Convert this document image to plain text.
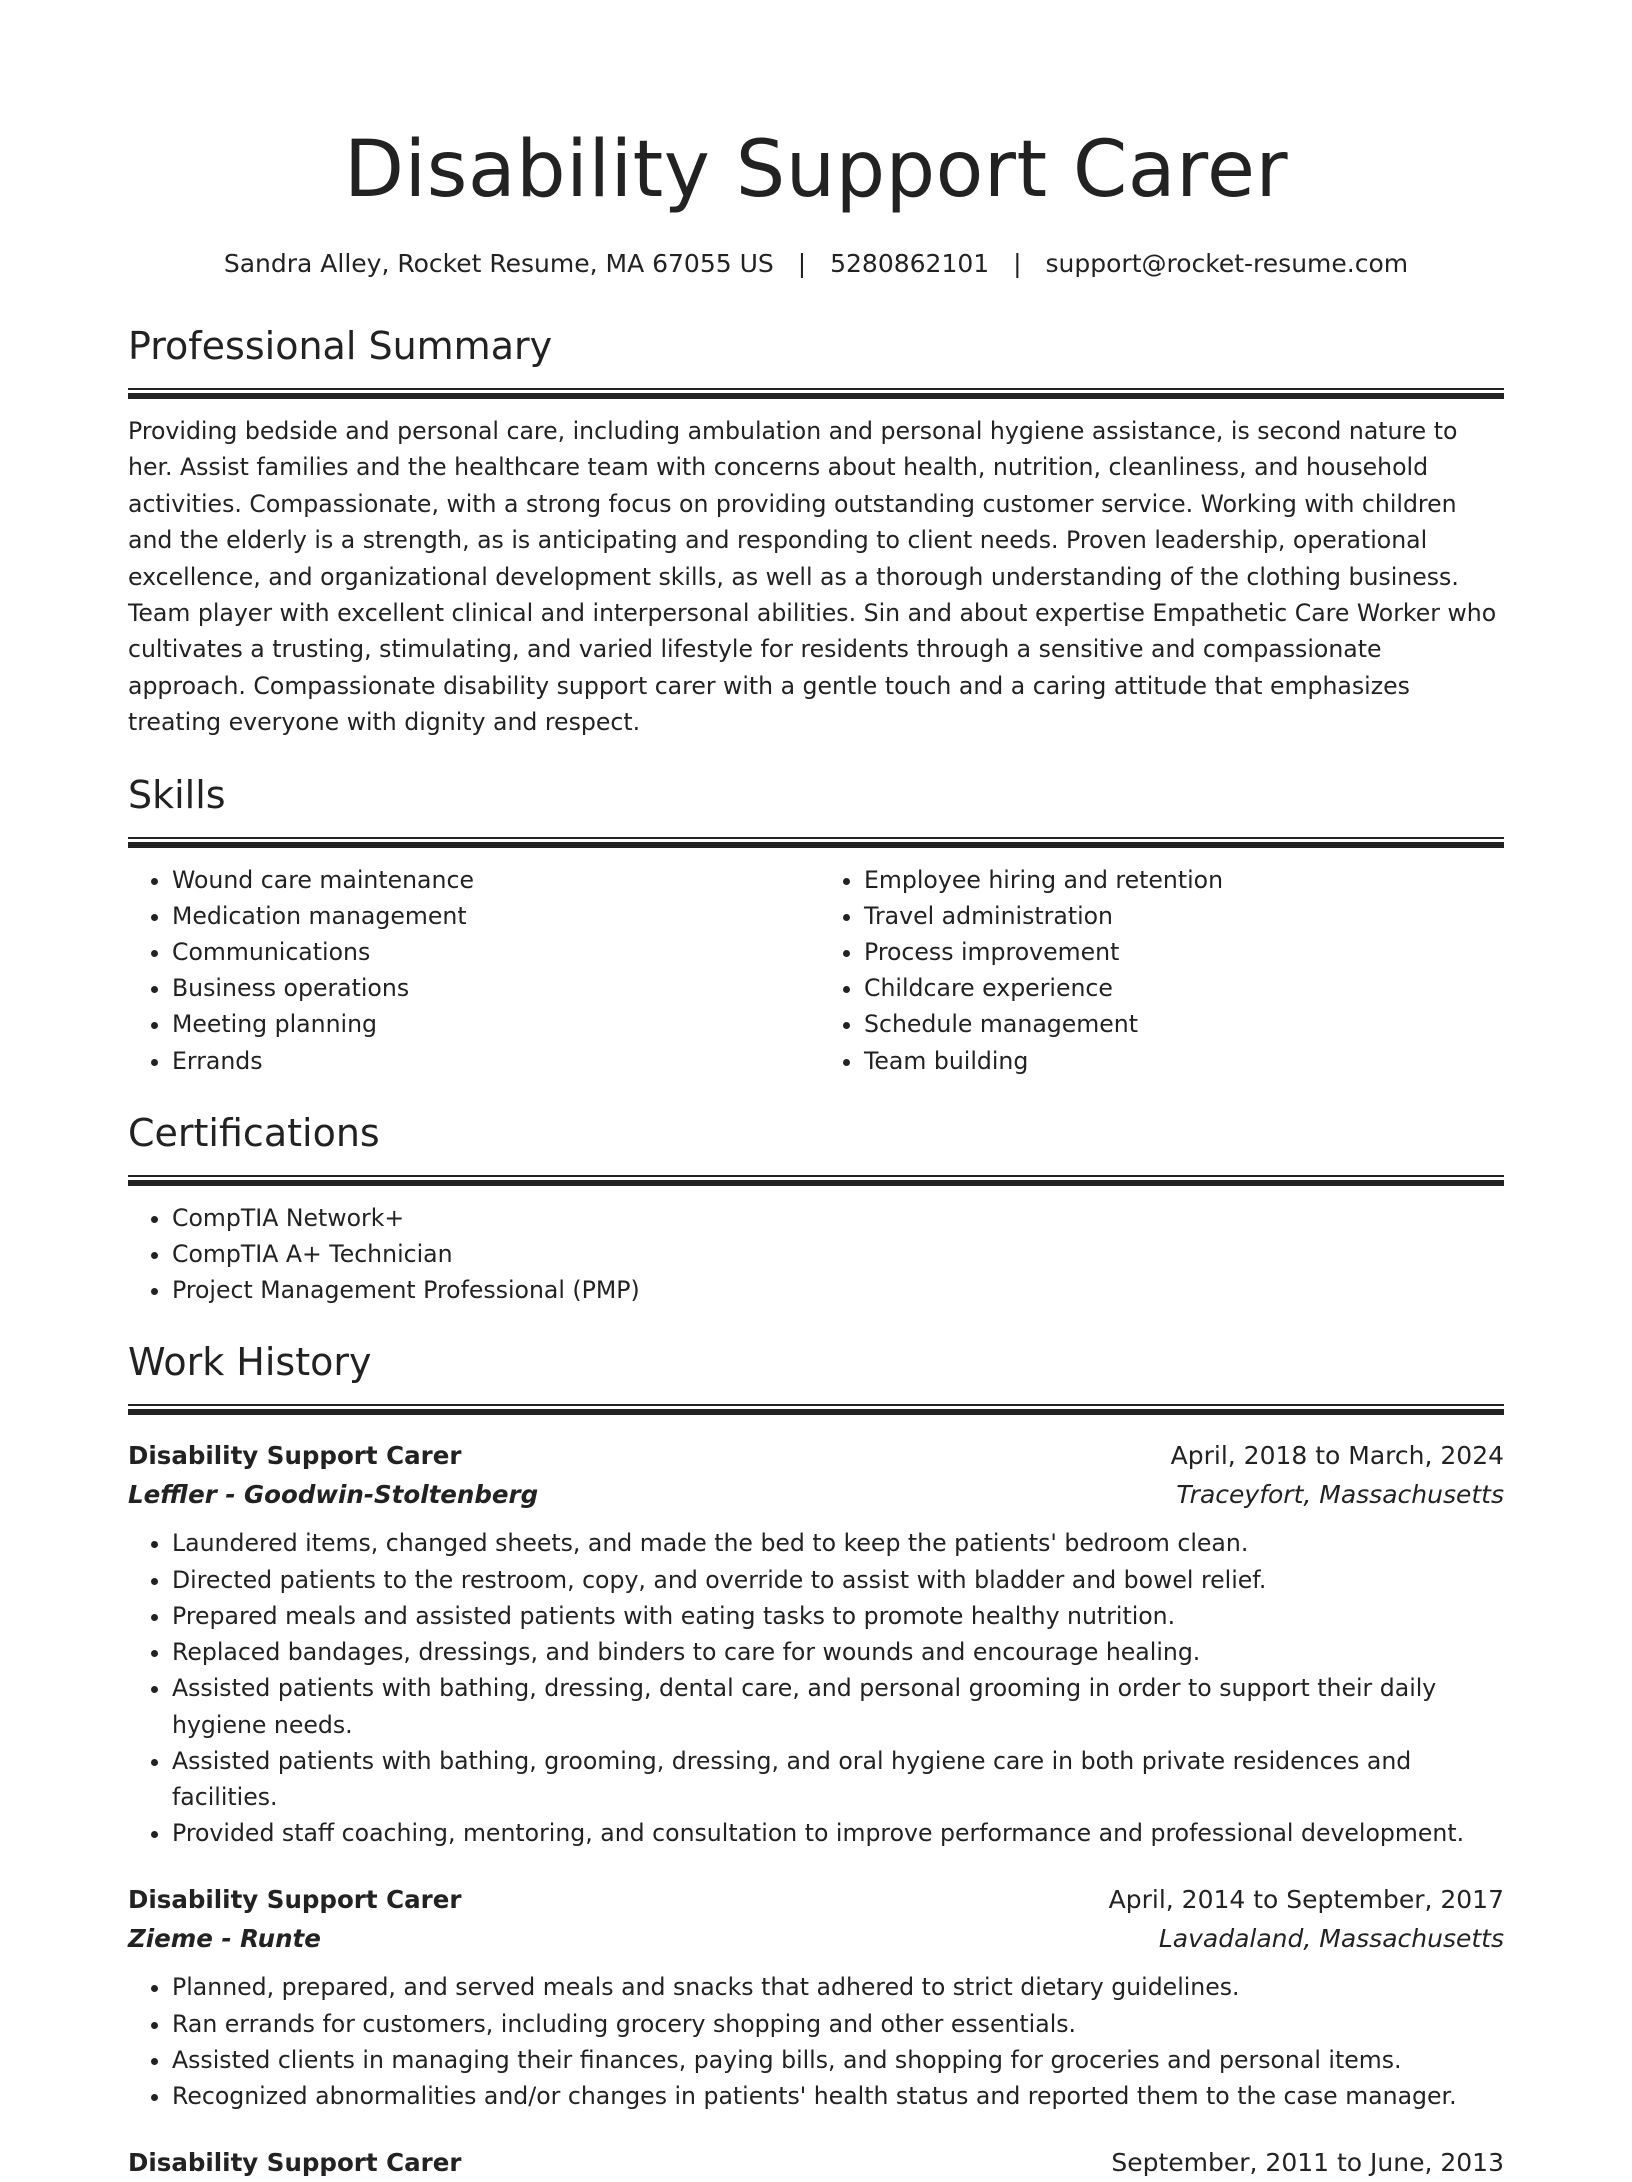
Disability Support Carer
Sandra Alley, Rocket Resume, MA 67055 US | 5280862101 | support@rocket-resume.com
Professional Summary

Providing bedside and personal care, including ambulation and personal hygiene assistance, is second nature to her. Assist families and the healthcare team with concerns about health, nutrition, cleanliness, and household activities. Compassionate, with a strong focus on providing outstanding customer service. Working with children and the elderly is a strength, as is anticipating and responding to client needs. Proven leadership, operational excellence, and organizational development skills, as well as a thorough understanding of the clothing business. Team player with excellent clinical and interpersonal abilities. Sin and about expertise Empathetic Care Worker who cultivates a trusting, stimulating, and varied lifestyle for residents through a sensitive and compassionate approach. Compassionate disability support carer with a gentle touch and a caring attitude that emphasizes treating everyone with dignity and respect.

Skills
• Wound care maintenance
• Medication management
• Communications
• Business operations
• Meeting planning
• Errands
• Employee hiring and retention
• Travel administration
• Process improvement
• Childcare experience
• Schedule management
• Team building
Certifications
• CompTIA Network+
• CompTIA A+ Technician
• Project Management Professional (PMP)
Work History
Disability Support Carer	April, 2018 to March, 2024
Leffler - Goodwin-Stoltenberg	Traceyfort, Massachusetts
• Laundered items, changed sheets, and made the bed to keep the patients' bedroom clean.
• Directed patients to the restroom, copy, and override to assist with bladder and bowel relief.
• Prepared meals and assisted patients with eating tasks to promote healthy nutrition.
• Replaced bandages, dressings, and binders to care for wounds and encourage healing.
• Assisted patients with bathing, dressing, dental care, and personal grooming in order to support their daily hygiene needs.
• Assisted patients with bathing, grooming, dressing, and oral hygiene care in both private residences and facilities.
• Provided staff coaching, mentoring, and consultation to improve performance and professional development.
Disability Support Carer	April, 2014 to September, 2017
Zieme - Runte	Lavadaland, Massachusetts
• Planned, prepared, and served meals and snacks that adhered to strict dietary guidelines.
• Ran errands for customers, including grocery shopping and other essentials.
• Assisted clients in managing their finances, paying bills, and shopping for groceries and personal items.
• Recognized abnormalities and/or changes in patients' health status and reported them to the case manager.
Disability Support Carer	September, 2011 to June, 2013
